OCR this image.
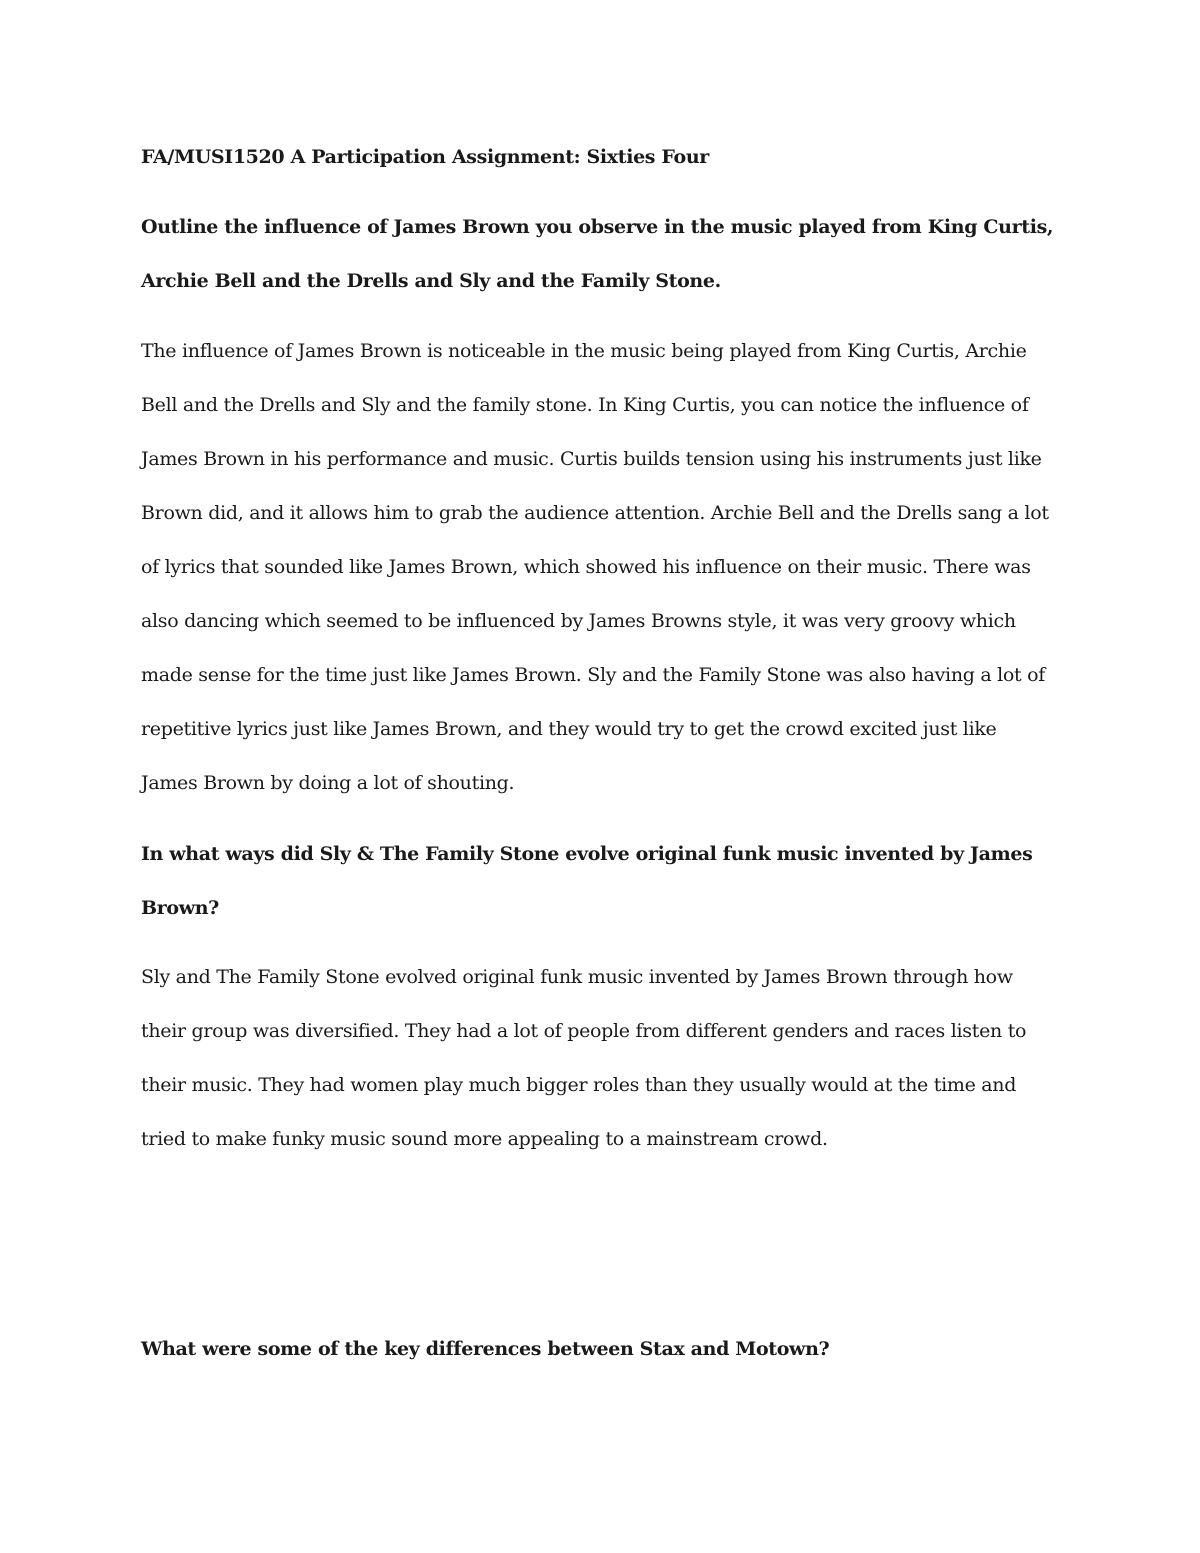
FA/MUSI1520 A Participation Assignment: Sixties Four
Outline the influence of James Brown you observe in the music played from King Curtis,
Archie Bell and the Drells and Sly and the Family Stone.
The influence of James Brown is noticeable in the music being played from King Curtis, Archie
Bell and the Drells and Sly and the family stone. In King Curtis, you can notice the influence of
James Brown in his performance and music. Curtis builds tension using his instruments just like
Brown did, and it allows him to grab the audience attention. Archie Bell and the Drells sang a lot
of lyrics that sounded like James Brown, which showed his influence on their music. There was
also dancing which seemed to be influenced by James Browns style, it was very groovy which
made sense for the time just like James Brown. Sly and the Family Stone was also having a lot of
repetitive lyrics just like James Brown, and they would try to get the crowd excited just like
James Brown by doing a lot of shouting.
In what ways did Sly & The Family Stone evolve original funk music invented by James
Brown?
Sly and The Family Stone evolved original funk music invented by James Brown through how
their group was diversified. They had a lot of people from different genders and races listen to
their music. They had women play much bigger roles than they usually would at the time and
tried to make funky music sound more appealing to a mainstream crowd.
What were some of the key differences between Stax and Motown?
